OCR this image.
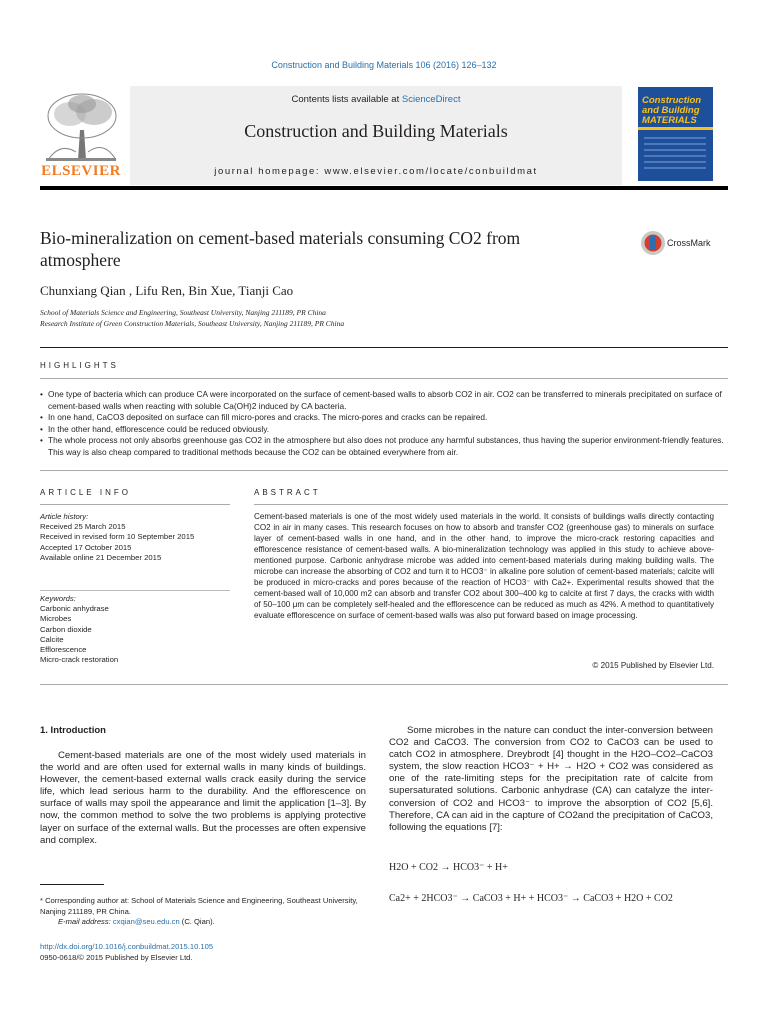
Construction and Building Materials 106 (2016) 126–132
Contents lists available at ScienceDirect
Construction and Building Materials
journal homepage: www.elsevier.com/locate/conbuildmat
ELSEVIER
Construction and Building MATERIALS
Bio-mineralization on cement-based materials consuming CO2 from atmosphere
CrossMark
Chunxiang Qian , Lifu Ren, Bin Xue, Tianji Cao
School of Materials Science and Engineering, Southeast University, Nanjing 211189, PR China
Research Institute of Green Construction Materials, Southeast University, Nanjing 211189, PR China
HIGHLIGHTS
• One type of bacteria which can produce CA were incorporated on the surface of cement-based walls to absorb CO2 in air. CO2 can be transferred to minerals precipitated on surface of cement-based walls when reacting with soluble Ca(OH)2 induced by CA bacteria.
• In one hand, CaCO3 deposited on surface can fill micro-pores and cracks. The micro-pores and cracks can be repaired.
• In the other hand, efflorescence could be reduced obviously.
• The whole process not only absorbs greenhouse gas CO2 in the atmosphere but also does not produce any harmful substances, thus having the superior environment-friendly features. This way is also cheap compared to traditional methods because the CO2 can be obtained everywhere from air.
ARTICLE INFO	ABSTRACT
Article history:
Received 25 March 2015
Received in revised form 10 September 2015
Accepted 17 October 2015
Available online 21 December 2015
Keywords:
Carbonic anhydrase
Microbes
Carbon dioxide
Calcite
Efflorescence
Micro-crack restoration
Cement-based materials is one of the most widely used materials in the world. It consists of buildings walls directly contacting CO2 in air in many cases. This research focuses on how to absorb and transfer CO2 (greenhouse gas) to minerals on surface layer of cement-based walls in one hand, and in the other hand, to improve the micro-crack restoring capacities and efflorescence resistance of cement-based walls. A bio-mineralization technology was applied in this study to achieve above-mentioned purpose. Carbonic anhydrase microbe was added into cement-based materials during making building walls. The microbe can increase the absorbing of CO2 and turn it to HCO3⁻ in alkaline pore solution of cement-based materials; calcite will be produced in micro-cracks and pores because of the reaction of HCO3⁻ with Ca2+. Experimental results showed that the cement-based wall of 10,000 m2 can absorb and transfer CO2 about 300–400 kg to calcite at first 7 days, the cracks with width of 50–100 μm can be completely self-healed and the efflorescence can be reduced as much as 42%. A method to quantitatively evaluate efflorescence on surface of cement-based walls was also put forward based on image processing.
© 2015 Published by Elsevier Ltd.
1. Introduction
Cement-based materials are one of the most widely used materials in the world and are often used for external walls in many kinds of buildings. However, the cement-based external walls crack easily during the service life, which lead serious harm to the durability. And the efflorescence on surface of walls may spoil the appearance and limit the application [1–3]. By now, the common method to solve the two problems is applying protective layer on surface of the external walls. But the processes are often expensive and complex.
Some microbes in the nature can conduct the inter-conversion between CO2 and CaCO3. The conversion from CO2 to CaCO3 can be used to catch CO2 in atmosphere. Dreybrodt [4] thought in the H2O–CO2–CaCO3 system, the slow reaction HCO3⁻ + H+ → H2O + CO2 was considered as one of the rate-limiting steps for the precipitation rate of calcite from supersaturated solutions. Carbonic anhydrase (CA) can catalyze the inter-conversion of CO2 and HCO3⁻ to improve the absorption of CO2 [5,6]. Therefore, CA can aid in the capture of CO2and the precipitation of CaCO3, following the equations [7]:
H2O + CO2 → HCO3⁻ + H+
Ca2+ + 2HCO3⁻ → CaCO3 + H+ + HCO3⁻ → CaCO3 + H2O + CO2
* Corresponding author at: School of Materials Science and Engineering, Southeast University, Nanjing 211189, PR China.
E-mail address: cxqian@seu.edu.cn (C. Qian).
http://dx.doi.org/10.1016/j.conbuildmat.2015.10.105
0950-0618/© 2015 Published by Elsevier Ltd.
